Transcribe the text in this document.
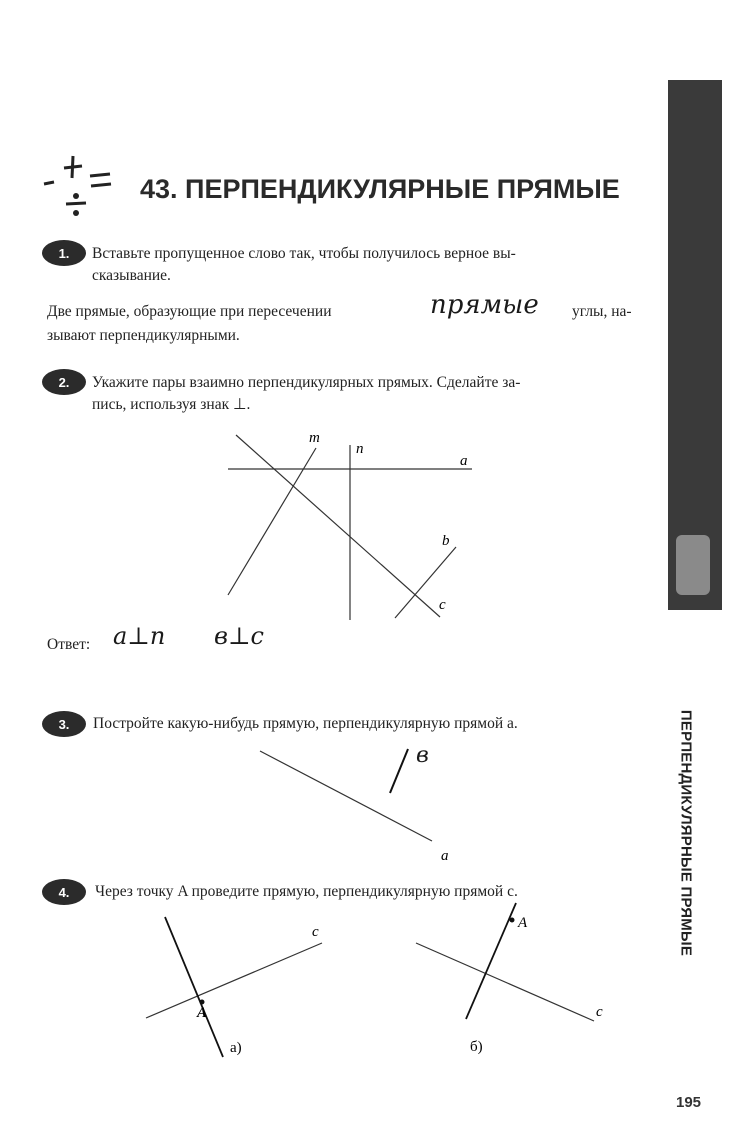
ПЕРПЕНДИКУЛЯРНЫЕ ПРЯМЫЕ
43. ПЕРПЕНДИКУЛЯРНЫЕ ПРЯМЫЕ
1.	Вставьте пропущенное слово так, чтобы получилось верное вы-
сказывание.
Две прямые, образующие при пересечении	прямые углы, на-
зывают перпендикулярными.
2.	Укажите пары взаимно перпендикулярных прямых. Сделайте за-
пись, используя знак ⊥.
m
n
a
b
c
Ответ: a⊥n в⊥c
3.	Постройте какую-нибудь прямую, перпендикулярную прямой a.
a
в
4.	Через точку A проведите прямую, перпендикулярную прямой c.
c
A
а)
A
c
б)
195
